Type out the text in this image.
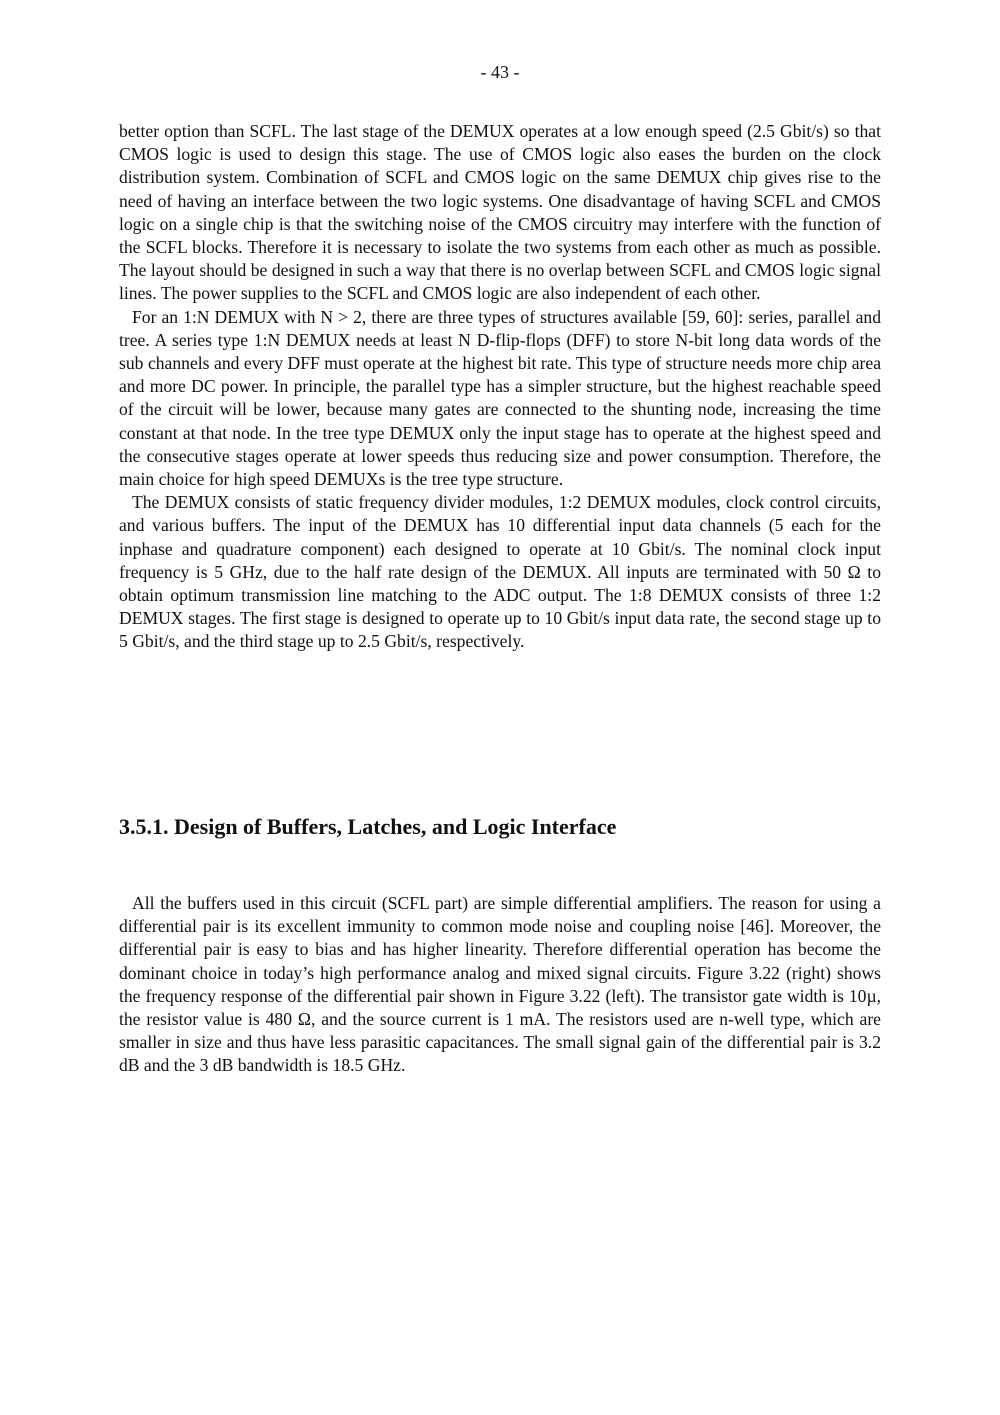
- 43 -

better option than SCFL. The last stage of the DEMUX operates at a low enough speed (2.5 Gbit/s) so that CMOS logic is used to design this stage. The use of CMOS logic also eases the burden on the clock distribution system. Combination of SCFL and CMOS logic on the same DEMUX chip gives rise to the need of having an interface between the two logic systems. One disadvantage of having SCFL and CMOS logic on a single chip is that the switching noise of the CMOS circuitry may interfere with the function of the SCFL blocks. Therefore it is necessary to isolate the two systems from each other as much as possible. The layout should be designed in such a way that there is no overlap between SCFL and CMOS logic signal lines. The power supplies to the SCFL and CMOS logic are also independent of each other.

For an 1:N DEMUX with N > 2, there are three types of structures available [59, 60]: series, parallel and tree. A series type 1:N DEMUX needs at least N D-flip-flops (DFF) to store N-bit long data words of the sub channels and every DFF must operate at the highest bit rate. This type of structure needs more chip area and more DC power. In principle, the parallel type has a simpler structure, but the highest reachable speed of the circuit will be lower, because many gates are connected to the shunting node, increasing the time constant at that node. In the tree type DEMUX only the input stage has to operate at the highest speed and the consecutive stages operate at lower speeds thus reducing size and power consumption. Therefore, the main choice for high speed DEMUXs is the tree type structure.

The DEMUX consists of static frequency divider modules, 1:2 DEMUX modules, clock control circuits, and various buffers. The input of the DEMUX has 10 differential input data channels (5 each for the inphase and quadrature component) each designed to operate at 10 Gbit/s. The nominal clock input frequency is 5 GHz, due to the half rate design of the DEMUX. All inputs are terminated with 50 Ω to obtain optimum transmission line matching to the ADC output. The 1:8 DEMUX consists of three 1:2 DEMUX stages. The first stage is designed to operate up to 10 Gbit/s input data rate, the second stage up to 5 Gbit/s, and the third stage up to 2.5 Gbit/s, respectively.

3.5.1. Design of Buffers, Latches, and Logic Interface

All the buffers used in this circuit (SCFL part) are simple differential amplifiers. The reason for using a differential pair is its excellent immunity to common mode noise and coupling noise [46]. Moreover, the differential pair is easy to bias and has higher linearity. Therefore differential operation has become the dominant choice in today’s high performance analog and mixed signal circuits. Figure 3.22 (right) shows the frequency response of the differential pair shown in Figure 3.22 (left). The transistor gate width is 10µ, the resistor value is 480 Ω, and the source current is 1 mA. The resistors used are n-well type, which are smaller in size and thus have less parasitic capacitances. The small signal gain of the differential pair is 3.2 dB and the 3 dB bandwidth is 18.5 GHz.
